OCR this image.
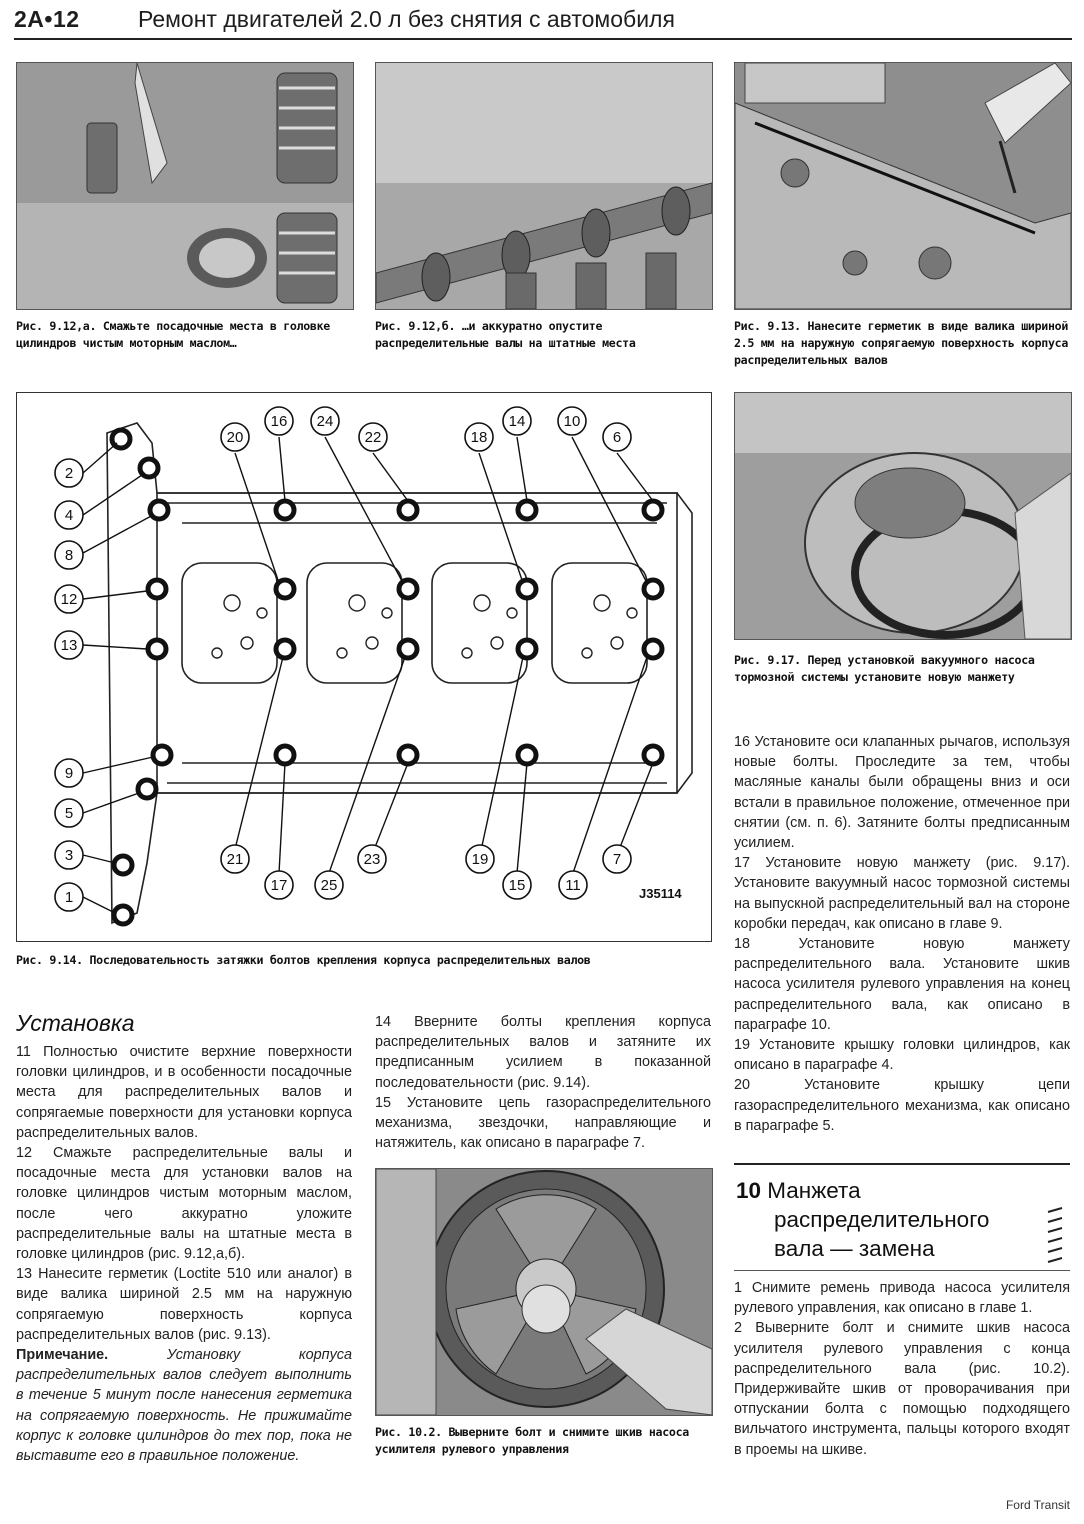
2A•12	Ремонт двигателей 2.0 л без снятия с автомобиля
Рис. 9.12,а. Смажьте посадочные места в головке цилиндров чистым моторным маслом…
Рис. 9.12,б. …и аккуратно опустите распределительные валы на штатные места
Рис. 9.13. Нанесите герметик в виде валика шириной 2.5 мм на наружную сопрягаемую поверхность корпуса распределительных валов
2
4
8
12
13
9
5
3
1
20
16 24
22	18
14	10
6
21
17 25
23	19
15	11
7
J35114
Рис. 9.14. Последовательность затяжки болтов крепления корпуса распределительных валов
Рис. 9.17. Перед установкой вакуумного насоса тормозной системы установите новую манжету

16 Установите оси клапанных рычагов, используя новые болты. Проследите за тем, чтобы масляные каналы были обращены вниз и оси встали в правильное положение, отмеченное при снятии (см. п. 6). Затяните болты предписанным усилием.

17 Установите новую манжету (рис. 9.17). Установите вакуумный насос тормозной системы на выпускной распределительный вал на стороне коробки передач, как описано в главе 9.

18 Установите новую манжету распределительного вала. Установите шкив насоса усилителя рулевого управления на конец распределительного вала, как описано в параграфе 10.

19 Установите крышку головки цилиндров, как описано в параграфе 4.

20 Установите крышку цепи газораспределительного механизма, как описано в параграфе 5.

Установка

11 Полностью очистите верхние поверхности головки цилиндров, и в особенности посадочные места для распределительных валов и сопрягаемые поверхности для установки корпуса распределительных валов.

12 Смажьте распределительные валы и посадочные места для установки валов на головке цилиндров чистым моторным маслом, после чего аккуратно уложите распределительные валы на штатные места в головке цилиндров (рис. 9.12,а,б).

13 Нанесите герметик (Loctite 510 или аналог) в виде валика шириной 2.5 мм на наружную сопрягаемую поверхность корпуса распределительных валов (рис. 9.13).

Примечание.	Установку корпуса распределительных валов следует выполнить в течение 5 минут после нанесения герметика на сопрягаемую поверхность. Не прижимайте корпус к головке цилиндров до тех пор, пока не выставите его в правильное положение.

14 Вверните болты крепления корпуса распределительных валов и затяните их предписанным усилием в показанной последовательности (рис. 9.14).

15 Установите цепь газораспределительного механизма, звездочки, направляющие и натяжитель, как описано в параграфе 7.

Рис. 10.2. Выверните болт и снимите шкив насоса усилителя рулевого управления
10 Манжета
распределительного
вала — замена

1 Снимите ремень привода насоса усилителя рулевого управления, как описано в главе 1.

2 Выверните болт и снимите шкив насоса усилителя рулевого управления с конца распределительного вала (рис. 10.2). Придерживайте шкив от проворачивания при отпускании болта с помощью подходящего вильчатого инструмента, пальцы которого входят в проемы на шкиве.

Ford Transit
